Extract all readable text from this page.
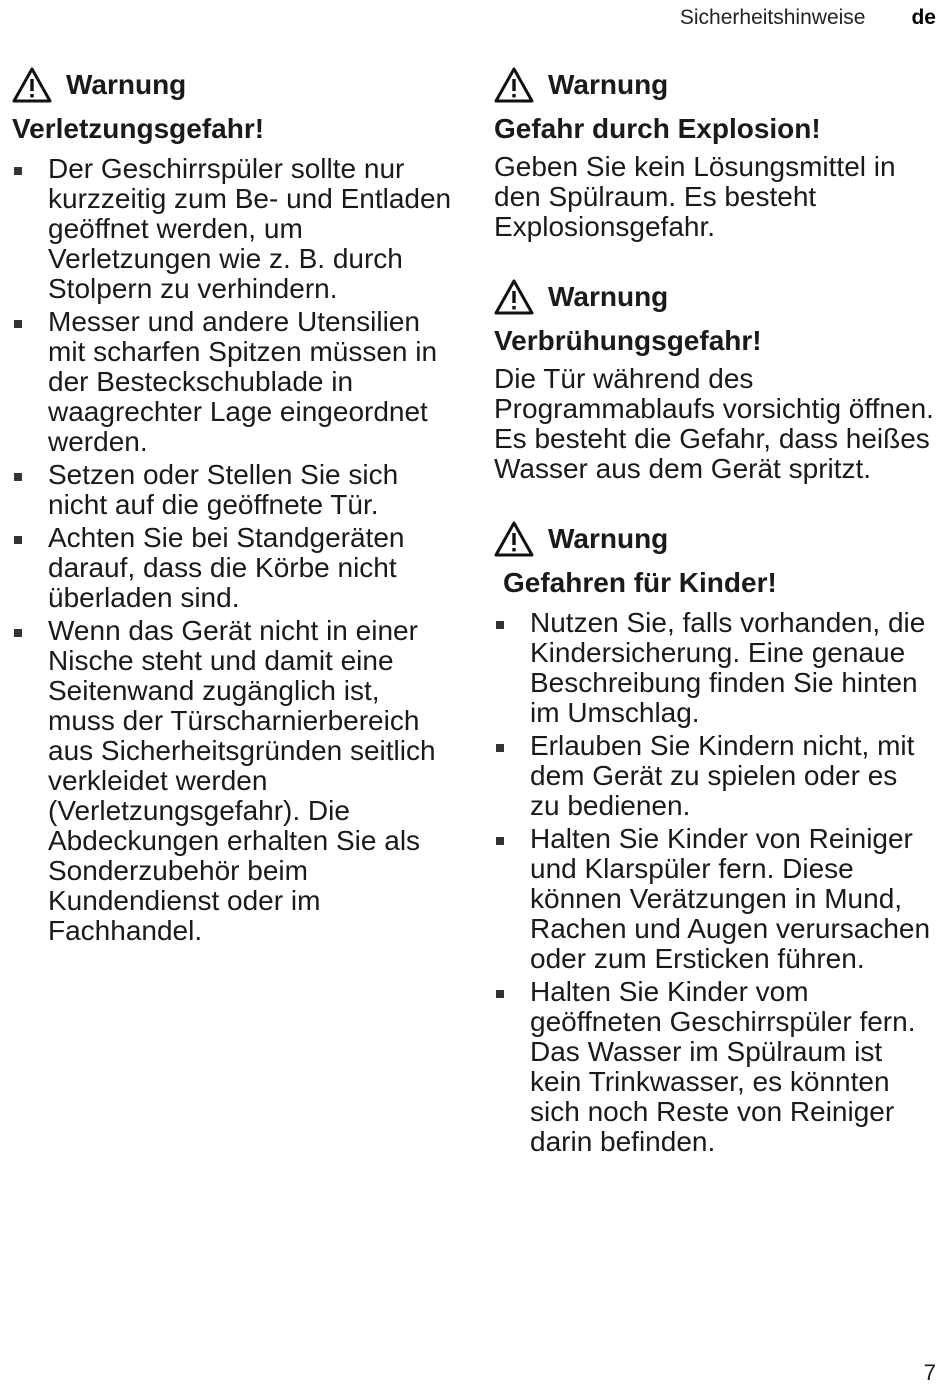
Sicherheitshinweise de
Warnung
Verletzungsgefahr!
Der Geschirrspüler sollte nur kurzzeitig zum Be- und Entladen geöffnet werden, um Verletzungen wie z. B. durch Stolpern zu verhindern.
Messer und andere Utensilien mit scharfen Spitzen müssen in der Besteckschublade in waagrechter Lage eingeordnet werden.
Setzen oder Stellen Sie sich nicht auf die geöffnete Tür.
Achten Sie bei Standgeräten darauf, dass die Körbe nicht überladen sind.
Wenn das Gerät nicht in einer Nische steht und damit eine Seitenwand zugänglich ist, muss der Türscharnierbereich aus Sicherheitsgründen seitlich verkleidet werden (Verletzungsgefahr). Die Abdeckungen erhalten Sie als Sonderzubehör beim Kundendienst oder im Fachhandel.
Warnung
Gefahr durch Explosion!
Geben Sie kein Lösungsmittel in den Spülraum. Es besteht Explosionsgefahr.
Warnung
Verbrühungsgefahr!
Die Tür während des Programmablaufs vorsichtig öffnen. Es besteht die Gefahr, dass heißes Wasser aus dem Gerät spritzt.
Warnung
Gefahren für Kinder!
Nutzen Sie, falls vorhanden, die Kindersicherung. Eine genaue Beschreibung finden Sie hinten im Umschlag.
Erlauben Sie Kindern nicht, mit dem Gerät zu spielen oder es zu bedienen.
Halten Sie Kinder von Reiniger und Klarspüler fern. Diese können Verätzungen in Mund, Rachen und Augen verursachen oder zum Ersticken führen.
Halten Sie Kinder vom geöffneten Geschirrspüler fern. Das Wasser im Spülraum ist kein Trinkwasser, es könnten sich noch Reste von Reiniger darin befinden.
7
